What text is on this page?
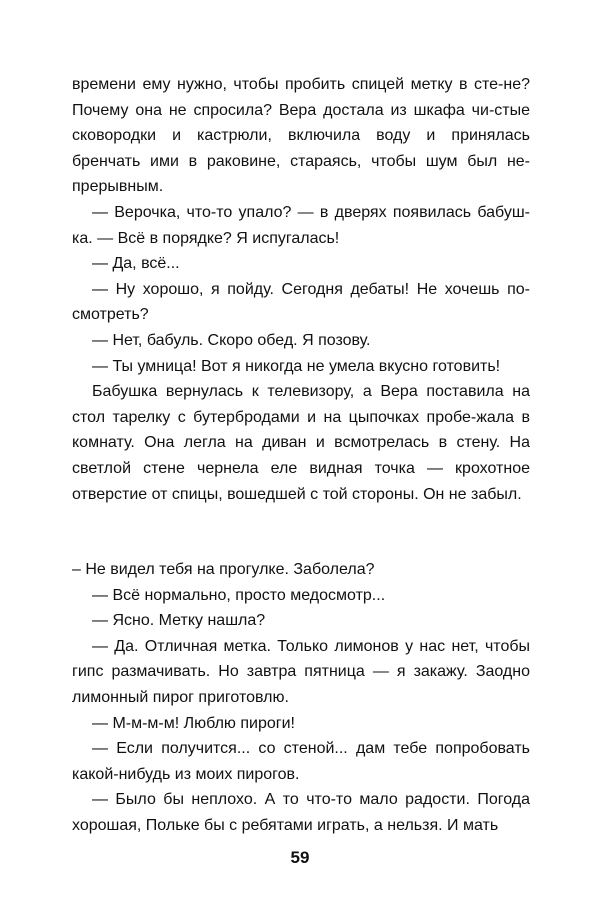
времени ему нужно, чтобы пробить спицей метку в сте-не? Почему она не спросила? Вера достала из шкафа чи-стые сковородки и кастрюли, включила воду и принялась бренчать ими в раковине, стараясь, чтобы шум был не-прерывным.

— Верочка, что-то упало? — в дверях появилась бабуш-ка. — Всё в порядке? Я испугалась!

— Да, всё...

— Ну хорошо, я пойду. Сегодня дебаты! Не хочешь по-смотреть?

— Нет, бабуль. Скоро обед. Я позову.

— Ты умница! Вот я никогда не умела вкусно готовить!

Бабушка вернулась к телевизору, а Вера поставила на стол тарелку с бутербродами и на цыпочках пробе-жала в комнату. Она легла на диван и всмотрелась в стену. На светлой стене чернела еле видная точка — крохотное отверстие от спицы, вошедшей с той стороны. Он не забыл.

– Не видел тебя на прогулке. Заболела?

— Всё нормально, просто медосмотр...

— Ясно. Метку нашла?

— Да. Отличная метка. Только лимонов у нас нет, чтобы гипс размачивать. Но завтра пятница — я закажу. Заодно лимонный пирог приготовлю.

— М-м-м-м! Люблю пироги!

— Если получится... со стеной... дам тебе попробовать какой-нибудь из моих пирогов.

— Было бы неплохо. А то что-то мало радости. Погода хорошая, Польке бы с ребятами играть, а нельзя. И мать

59
